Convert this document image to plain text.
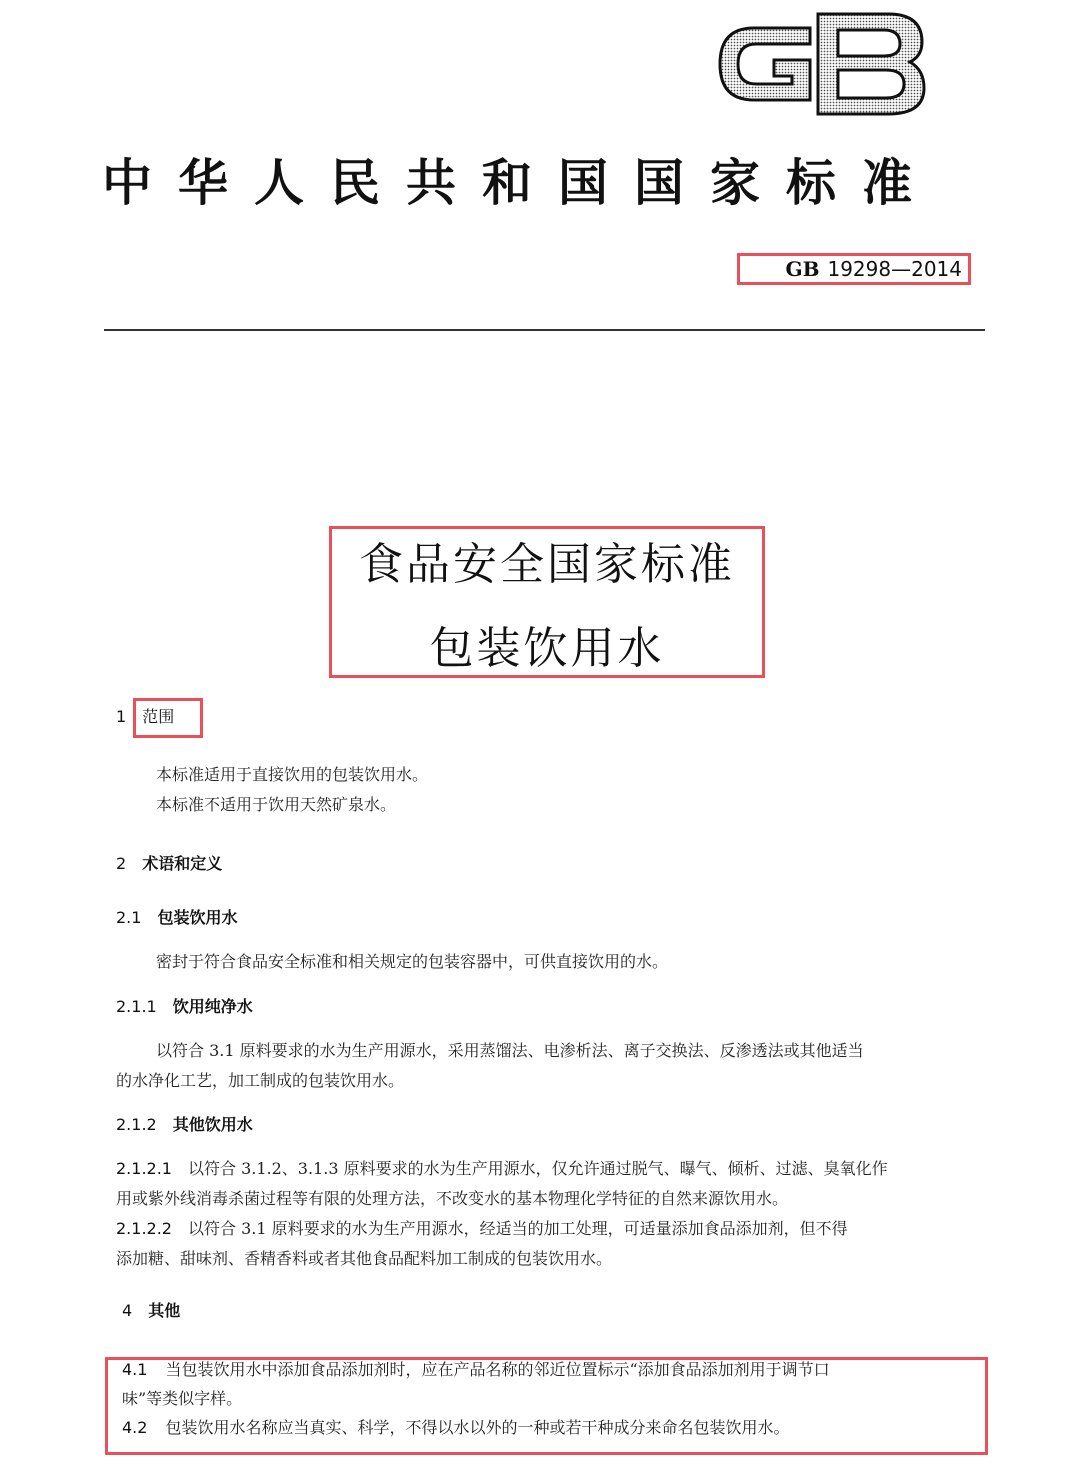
GB
中华人民共和国国家标准
GB 19298—2014
食品安全国家标准
包装饮用水
1 范围
本标准适用于直接饮用的包装饮用水。
本标准不适用于饮用天然矿泉水。
2 术语和定义
2.1 包装饮用水
密封于符合食品安全标准和相关规定的包装容器中，可供直接饮用的水。
2.1.1 饮用纯净水
以符合 3.1 原料要求的水为生产用源水，采用蒸馏法、电渗析法、离子交换法、反渗透法或其他适当
的水净化工艺，加工制成的包装饮用水。
2.1.2 其他饮用水
2.1.2.1 以符合 3.1.2、3.1.3 原料要求的水为生产用源水，仅允许通过脱气、曝气、倾析、过滤、臭氧化作
用或紫外线消毒杀菌过程等有限的处理方法，不改变水的基本物理化学特征的自然来源饮用水。
2.1.2.2 以符合 3.1 原料要求的水为生产用源水，经适当的加工处理，可适量添加食品添加剂，但不得
添加糖、甜味剂、香精香料或者其他食品配料加工制成的包装饮用水。
4 其他
4.1 当包装饮用水中添加食品添加剂时，应在产品名称的邻近位置标示“添加食品添加剂用于调节口
味”等类似字样。
4.2 包装饮用水名称应当真实、科学，不得以水以外的一种或若干种成分来命名包装饮用水。
